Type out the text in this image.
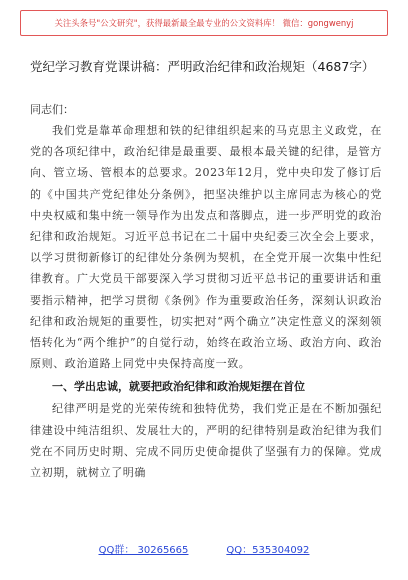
关注头条号"公文研究"，获得最新最全最专业的公文资料库！ 微信：gongwenyj
党纪学习教育党课讲稿：严明政治纪律和政治规矩（4687字）

同志们：

我们党是靠革命理想和铁的纪律组织起来的马克思主义政党，在党的各项纪律中，政治纪律是最重要、最根本最关键的纪律，是管方向、管立场、管根本的总要求。2023年12月，党中央印发了修订后的《中国共产党纪律处分条例》，把坚决维护以主席同志为核心的党中央权威和集中统一领导作为出发点和落脚点，进一步严明党的政治纪律和政治规矩。习近平总书记在二十届中央纪委三次全会上要求，以学习贯彻新修订的纪律处分条例为契机，在全党开展一次集中性纪律教育。广大党员干部要深入学习贯彻习近平总书记的重要讲话和重要指示精神，把学习贯彻《条例》作为重要政治任务，深刻认识政治纪律和政治规矩的重要性，切实把对“两个确立”决定性意义的深刻领悟转化为“两个维护”的自觉行动，始终在政治立场、政治方向、政治原则、政治道路上同党中央保持高度一致。

一、学出忠诚，就要把政治纪律和政治规矩摆在首位

纪律严明是党的光荣传统和独特优势，我们党正是在不断加强纪律建设中纯洁组织、发展壮大的，严明的纪律特别是政治纪律为我们党在不同历史时期、完成不同历史使命提供了坚强有力的保障。党成立初期，就树立了明确

QQ群： 30265665	QQ：535304092
